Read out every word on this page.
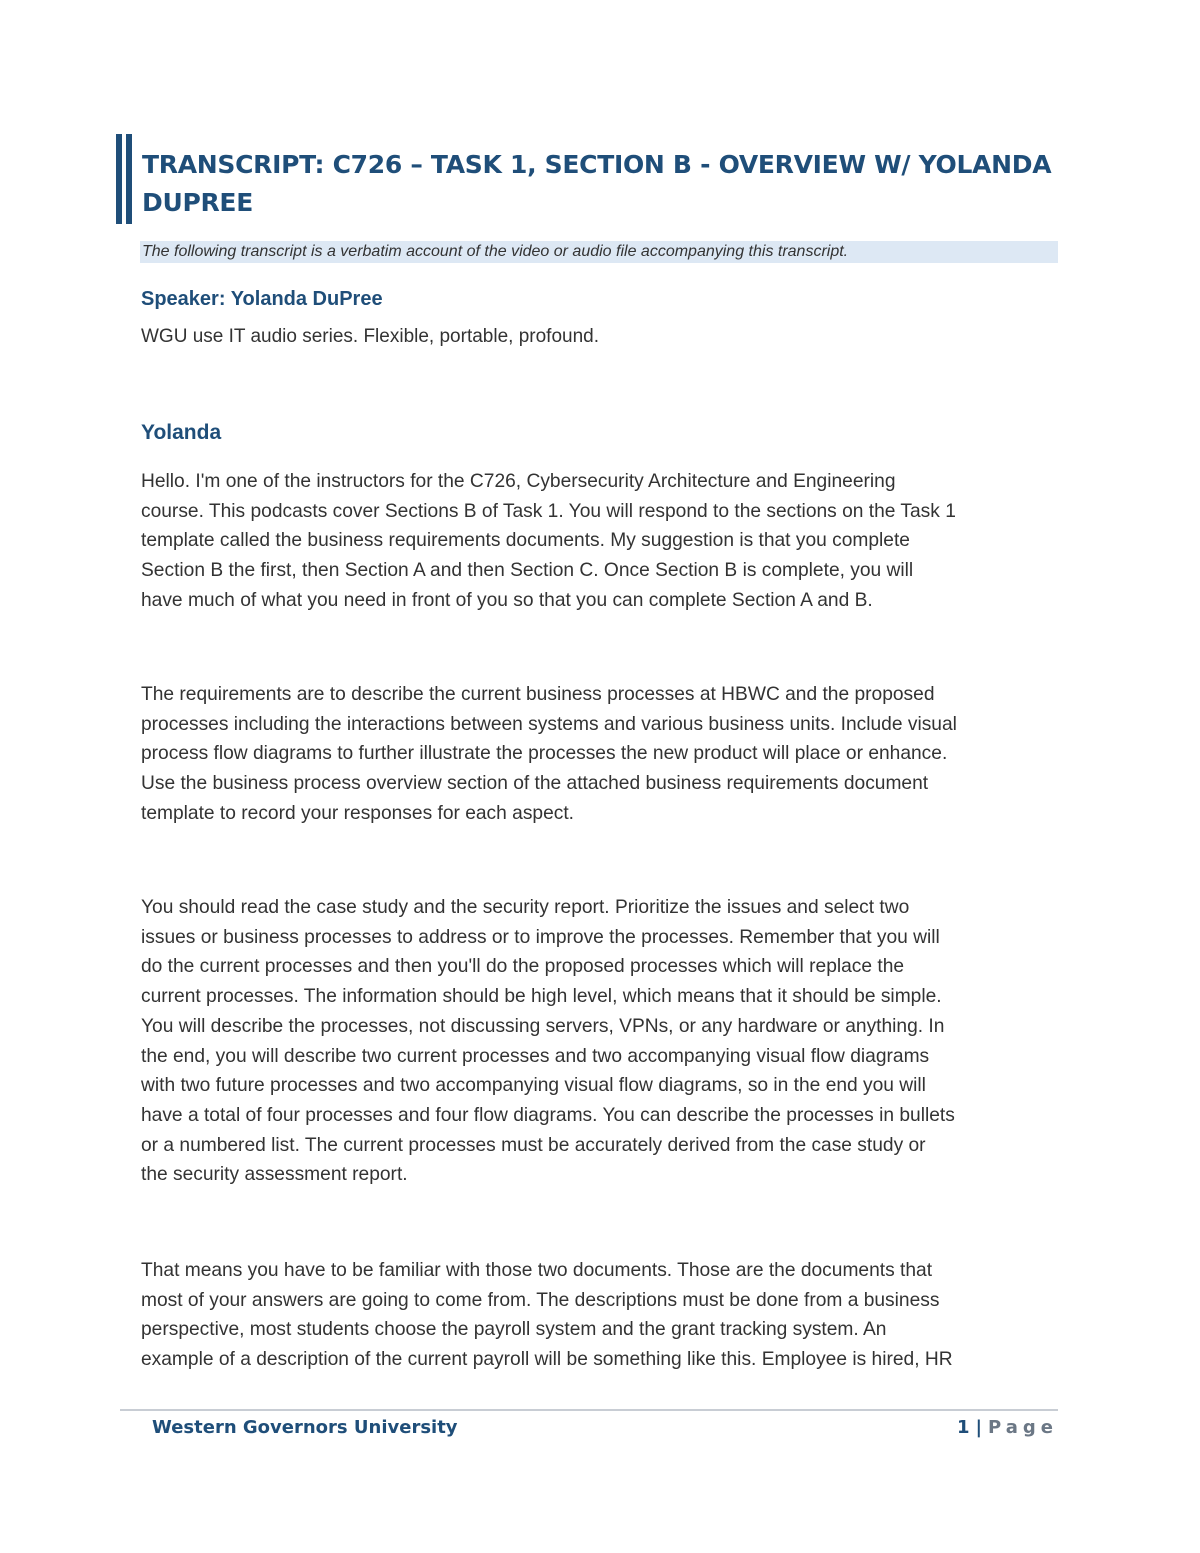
TRANSCRIPT: C726 – TASK 1, SECTION B - OVERVIEW W/ YOLANDA DUPREE
The following transcript is a verbatim account of the video or audio file accompanying this transcript.
Speaker: Yolanda DuPree

WGU use IT audio series. Flexible, portable, profound.

Yolanda

Hello. I'm one of the instructors for the C726, Cybersecurity Architecture and Engineering
course. This podcasts cover Sections B of Task 1. You will respond to the sections on the Task 1
template called the business requirements documents. My suggestion is that you complete
Section B the first, then Section A and then Section C. Once Section B is complete, you will
have much of what you need in front of you so that you can complete Section A and B.

The requirements are to describe the current business processes at HBWC and the proposed
processes including the interactions between systems and various business units. Include visual
process flow diagrams to further illustrate the processes the new product will place or enhance.
Use the business process overview section of the attached business requirements document
template to record your responses for each aspect.

You should read the case study and the security report. Prioritize the issues and select two
issues or business processes to address or to improve the processes. Remember that you will
do the current processes and then you'll do the proposed processes which will replace the
current processes. The information should be high level, which means that it should be simple.
You will describe the processes, not discussing servers, VPNs, or any hardware or anything. In
the end, you will describe two current processes and two accompanying visual flow diagrams
with two future processes and two accompanying visual flow diagrams, so in the end you will
have a total of four processes and four flow diagrams. You can describe the processes in bullets
or a numbered list. The current processes must be accurately derived from the case study or
the security assessment report.

That means you have to be familiar with those two documents. Those are the documents that
most of your answers are going to come from. The descriptions must be done from a business
perspective, most students choose the payroll system and the grant tracking system. An
example of a description of the current payroll will be something like this. Employee is hired, HR

Western Governors University	1 | Page
